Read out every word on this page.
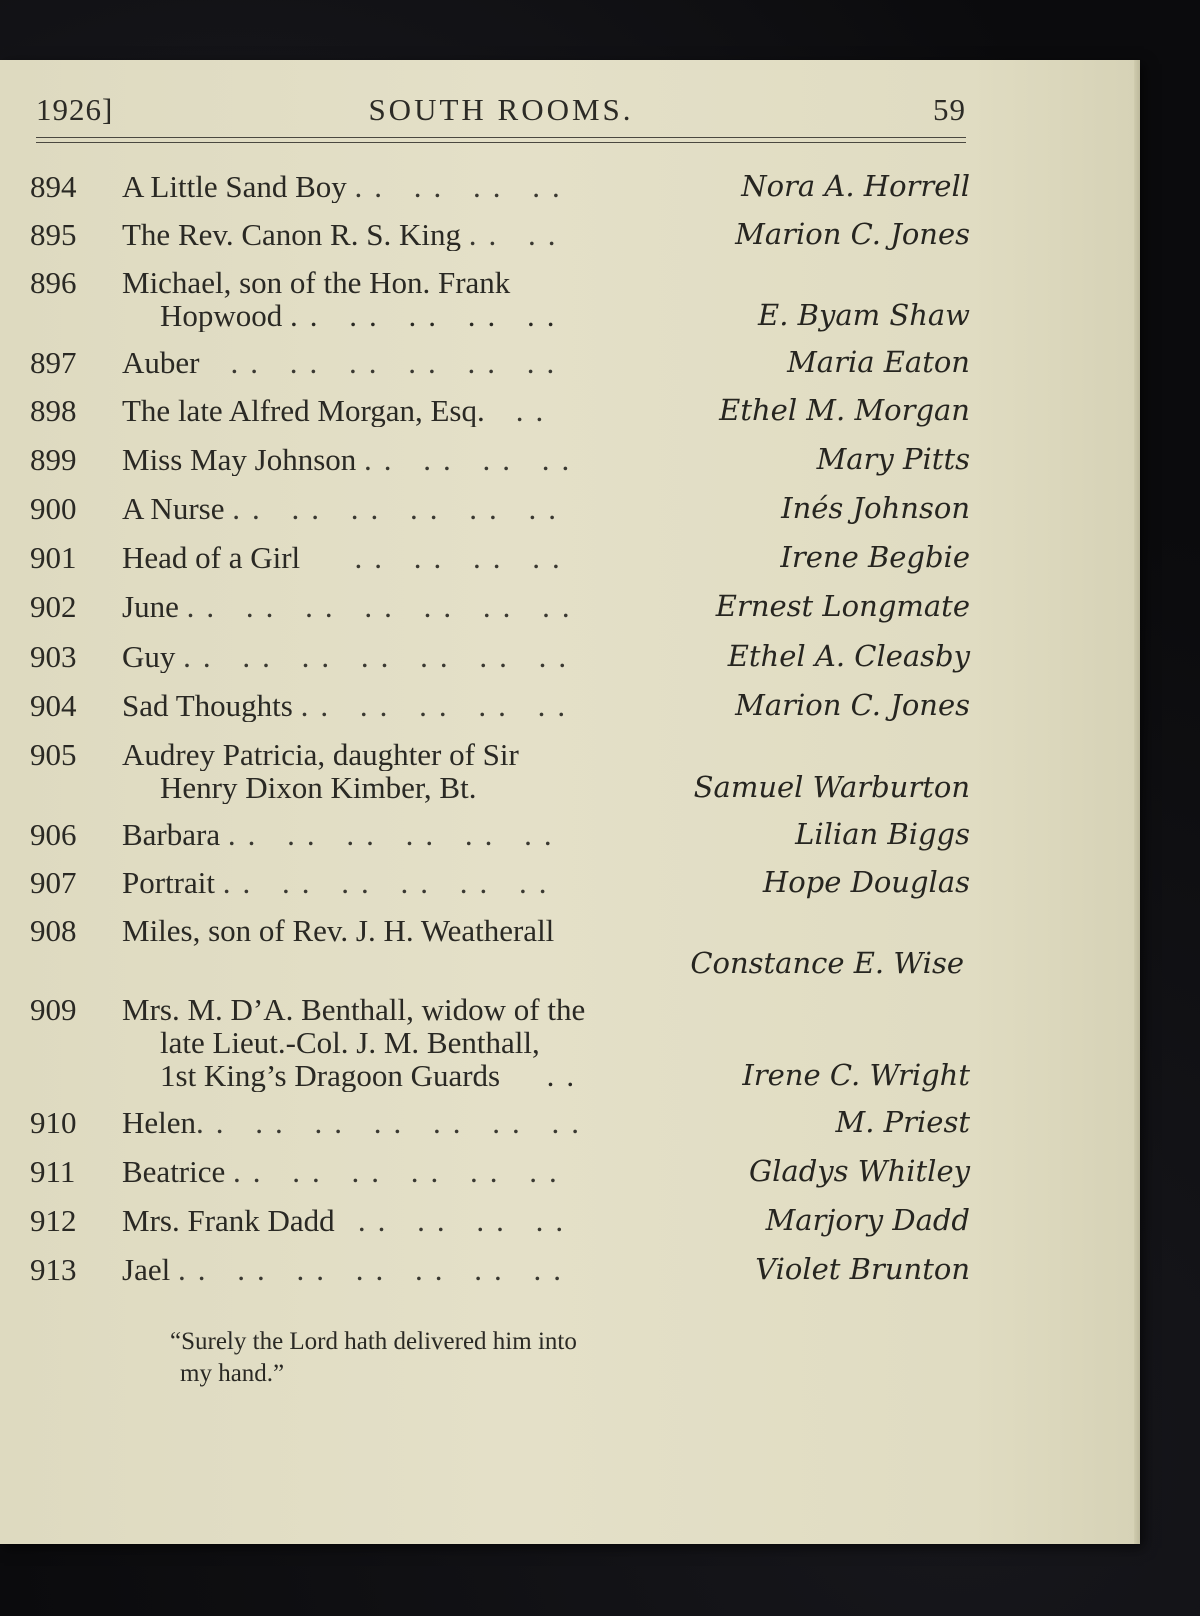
1926]	SOUTH ROOMS.	59
894	A Little Sand Boy .. .. .. ..	Nora A. Horrell
895	The Rev. Canon R. S. King .. ..	Marion C. Jones
896	Michael, son of the Hon. Frank
Hopwood .. .. .. .. ..	E. Byam Shaw
897	Auber .. .. .. .. .. ..	Maria Eaton
898	The late Alfred Morgan, Esq. ..	Ethel M. Morgan
899	Miss May Johnson .. .. .. ..	Mary Pitts
900	A Nurse .. .. .. .. .. ..	Inés Johnson
901	Head of a Girl .. .. .. ..	Irene Begbie
902	June .. .. .. .. .. .. ..	Ernest Longmate
903	Guy .. .. .. .. .. .. ..	Ethel A. Cleasby
904	Sad Thoughts .. .. .. .. ..	Marion C. Jones
905	Audrey Patricia, daughter of Sir
Henry Dixon Kimber, Bt.	Samuel Warburton
906	Barbara .. .. .. .. .. ..	Lilian Biggs
907	Portrait .. .. .. .. .. ..	Hope Douglas
908	Miles, son of Rev. J. H. Weatherall
Constance E. Wise
909	Mrs. M. D’A. Benthall, widow of the
late Lieut.-Col. J. M. Benthall,
1st King’s Dragoon Guards ..	Irene C. Wright
910	Helen.. .. .. .. .. .. ..	M. Priest
911	Beatrice .. .. .. .. .. ..	Gladys Whitley
912	Mrs. Frank Dadd .. .. .. ..	Marjory Dadd
913	Jael .. .. .. .. .. .. ..	Violet Brunton
“Surely the Lord hath delivered him into
my hand.”
